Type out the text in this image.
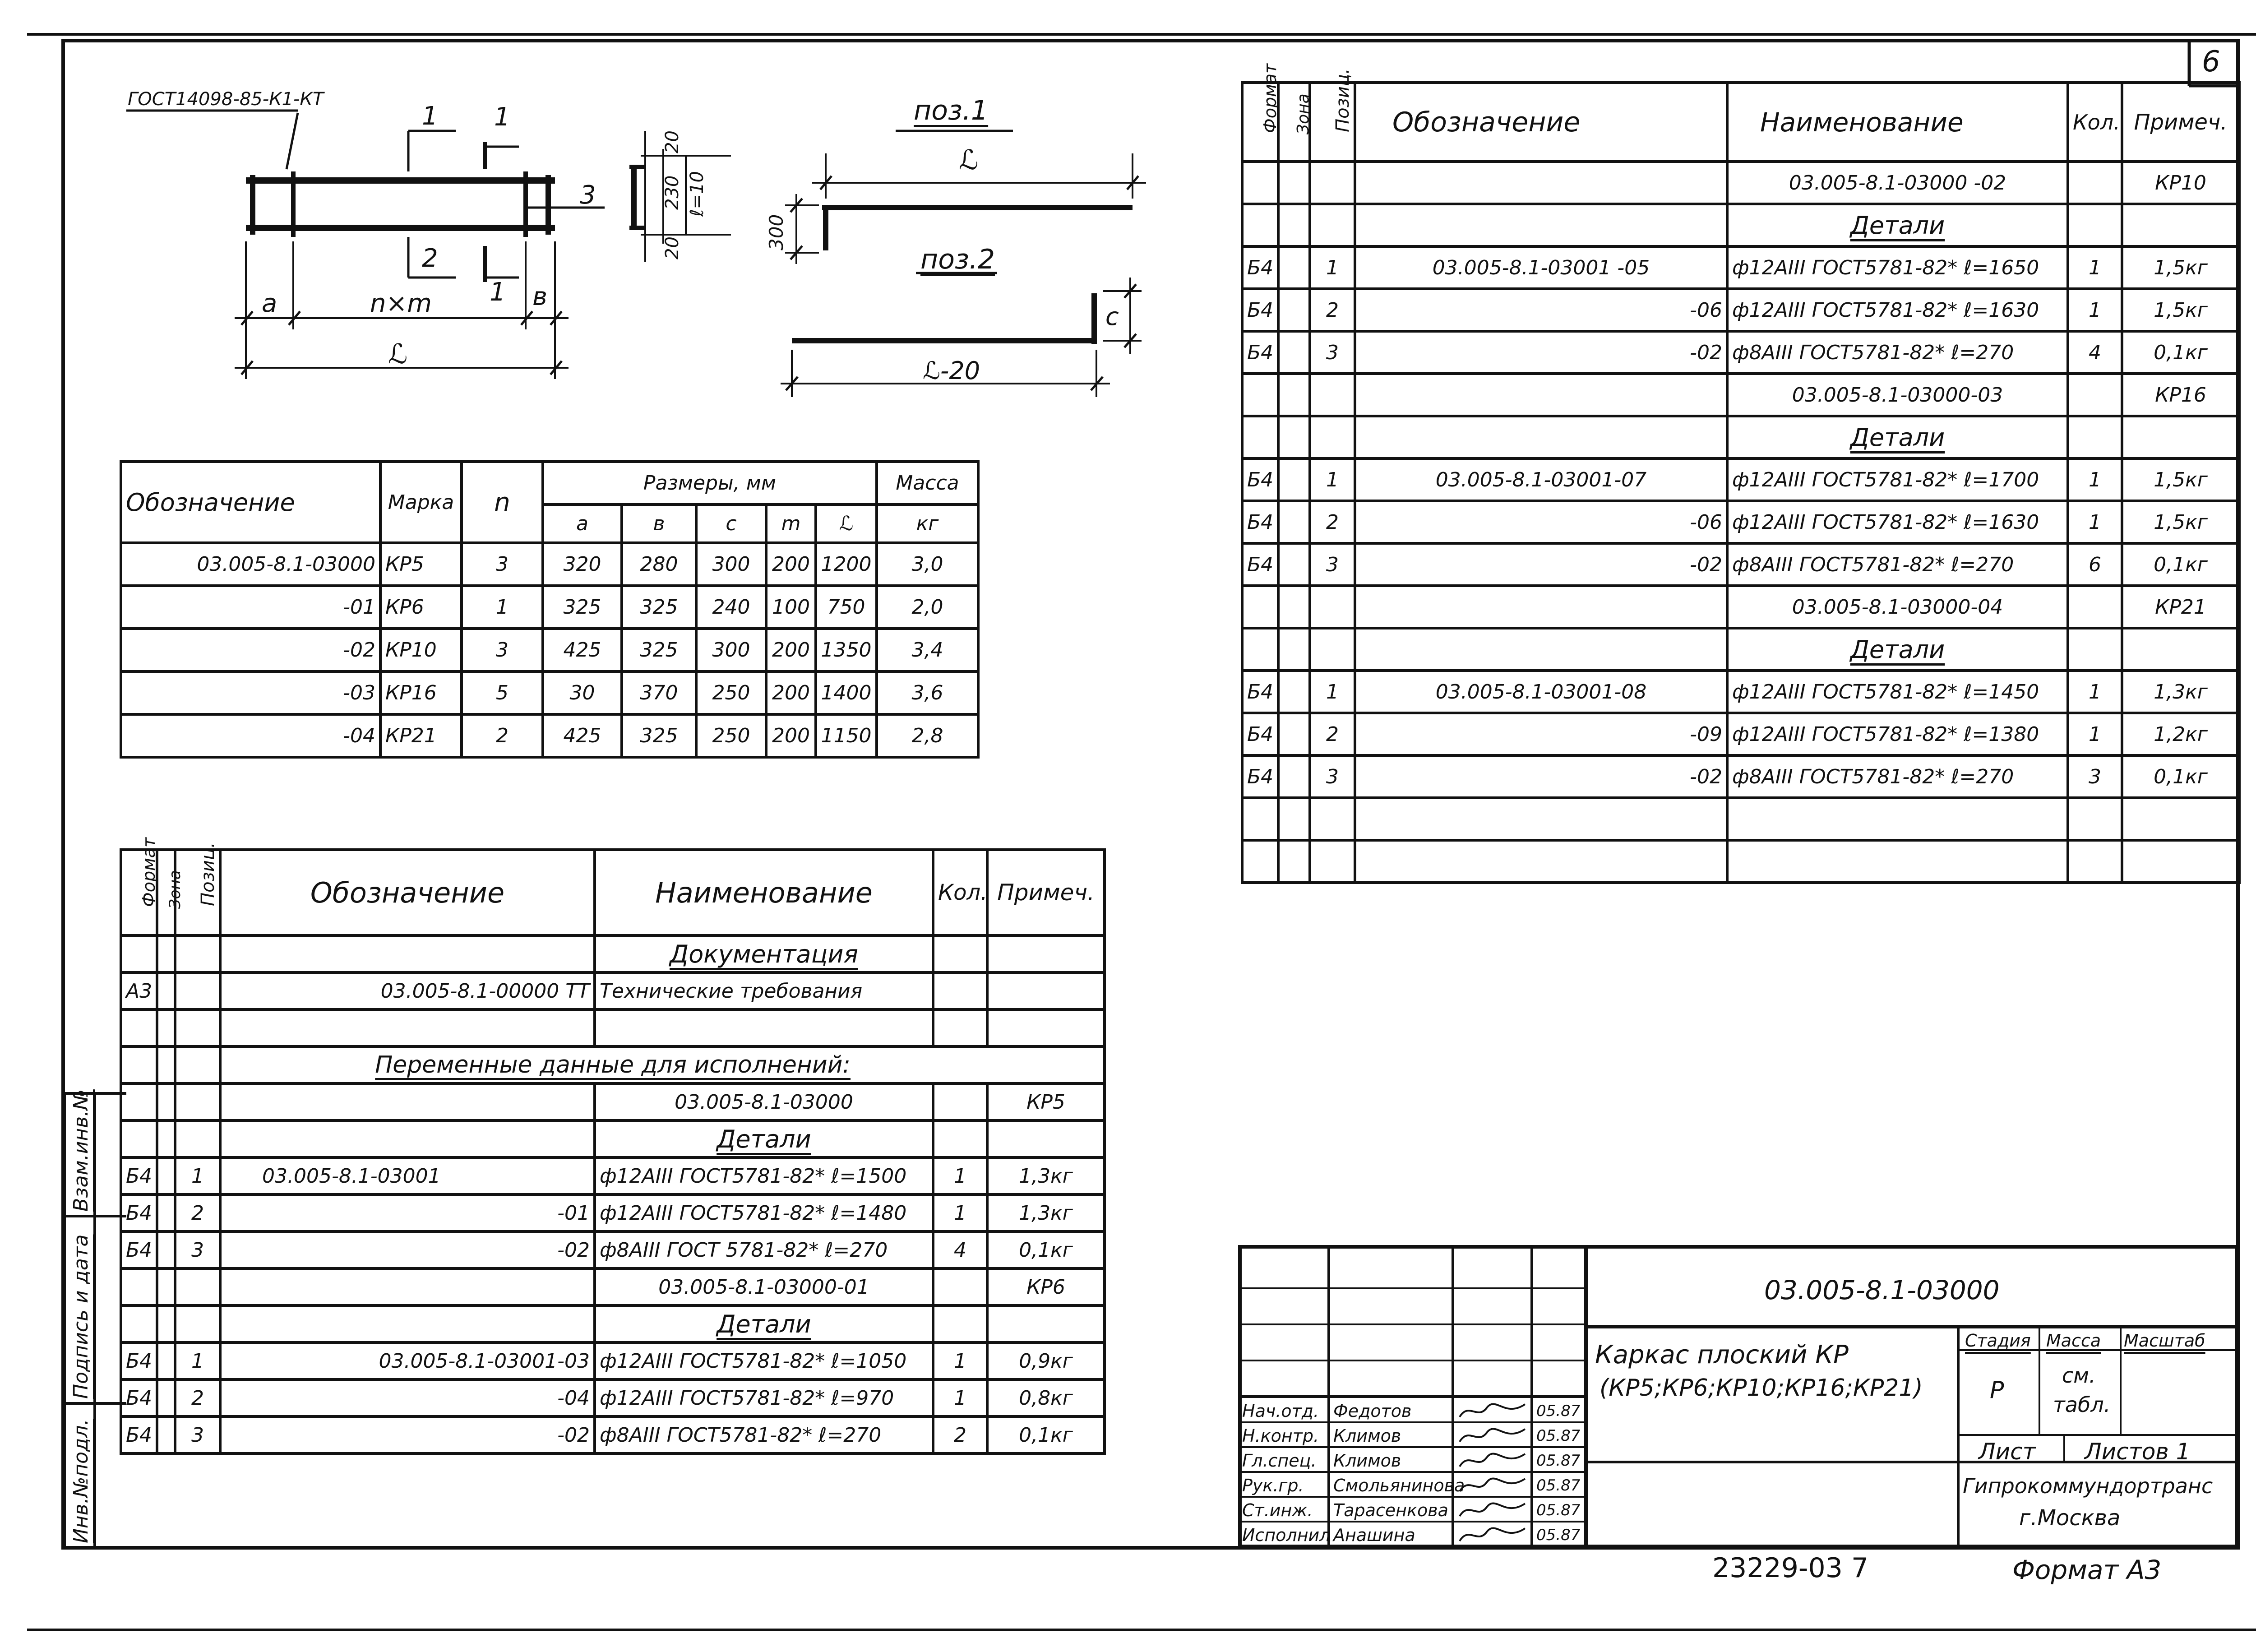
6
ГОСТ14098-85-К1-КТ
1 1
2
1
3
a	n×m	в
ℒ
20
230 ℓ=10
20
поз.1
ℒ
300
поз.2
с
ℒ-20
Обозначение	Марка	n	Размеры, мм					Масса
			a	в	с	m	ℒ	кг
03.005-8.1-03000	КР5	3	320	280	300	200	1200	3,0
-01	КР6	1	325	325	240	100	750	2,0
-02	КР10	3	425	325	300	200	1350	3,4
-03	КР16	5	30	370	250	200	1400	3,6
-04	КР21	2	425	325	250	200	1150	2,8
Формат	Зона	Позиц.	Обозначение	Наименование	Кол.	Примеч.
				Документация		
А3			03.005-8.1-00000 ТТ	Технические требования		

			Переменные данные для исполнений:			
				03.005-8.1-03000		КР5
				Детали		
Б4		1	03.005-8.1-03001	ф12АIII ГОСТ5781-82* ℓ=1500	1	1,3кг
Б4		2	-01	ф12АIII ГОСТ5781-82* ℓ=1480	1	1,3кг
Б4		3	-02	ф8АIII ГОСТ 5781-82* ℓ=270	4	0,1кг
				03.005-8.1-03000-01		КР6
				Детали		
Б4		1	03.005-8.1-03001-03	ф12АIII ГОСТ5781-82* ℓ=1050	1	0,9кг
Б4		2	-04	ф12АIII ГОСТ5781-82* ℓ=970	1	0,8кг
Б4		3	-02	ф8АIII ГОСТ5781-82* ℓ=270	2	0,1кг
Формат	Зона	Позиц.	Обозначение	Наименование	Кол.	Примеч.
				03.005-8.1-03000 -02		КР10
				Детали		
Б4		1	03.005-8.1-03001 -05	ф12АIII ГОСТ5781-82* ℓ=1650	1	1,5кг
Б4		2	-06	ф12АIII ГОСТ5781-82* ℓ=1630	1	1,5кг
Б4		3	-02	ф8АIII ГОСТ5781-82* ℓ=270	4	0,1кг
				03.005-8.1-03000-03		КР16
				Детали		
Б4		1	03.005-8.1-03001-07	ф12АIII ГОСТ5781-82* ℓ=1700	1	1,5кг
Б4		2	-06	ф12АIII ГОСТ5781-82* ℓ=1630	1	1,5кг
Б4		3	-02	ф8АIII ГОСТ5781-82* ℓ=270	6	0,1кг
				03.005-8.1-03000-04		КР21
				Детали		
Б4		1	03.005-8.1-03001-08	ф12АIII ГОСТ5781-82* ℓ=1450	1	1,3кг
Б4		2	-09	ф12АIII ГОСТ5781-82* ℓ=1380	1	1,2кг
Б4		3	-02	ф8АIII ГОСТ5781-82* ℓ=270	3	0,1кг

Инв.№подл.
Подпись и дата
Взам.инв.№
03.005-8.1-03000
Каркас плоский КР
(КР5;КР6;КР10;КР16;КР21)
Стадия Масса Масштаб
Р
см.
табл.
Лист Листов 1
Гипрокоммундортранс
г.Москва
Нач.отд. Федотов	05.87
Н.контр. Климов	05.87
Гл.спец. Климов	05.87
Рук.гр. Смольянинова	05.87
Ст.инж. Тарасенкова	05.87
Исполнил Анашина	05.87
23229-03 7	Формат А3
